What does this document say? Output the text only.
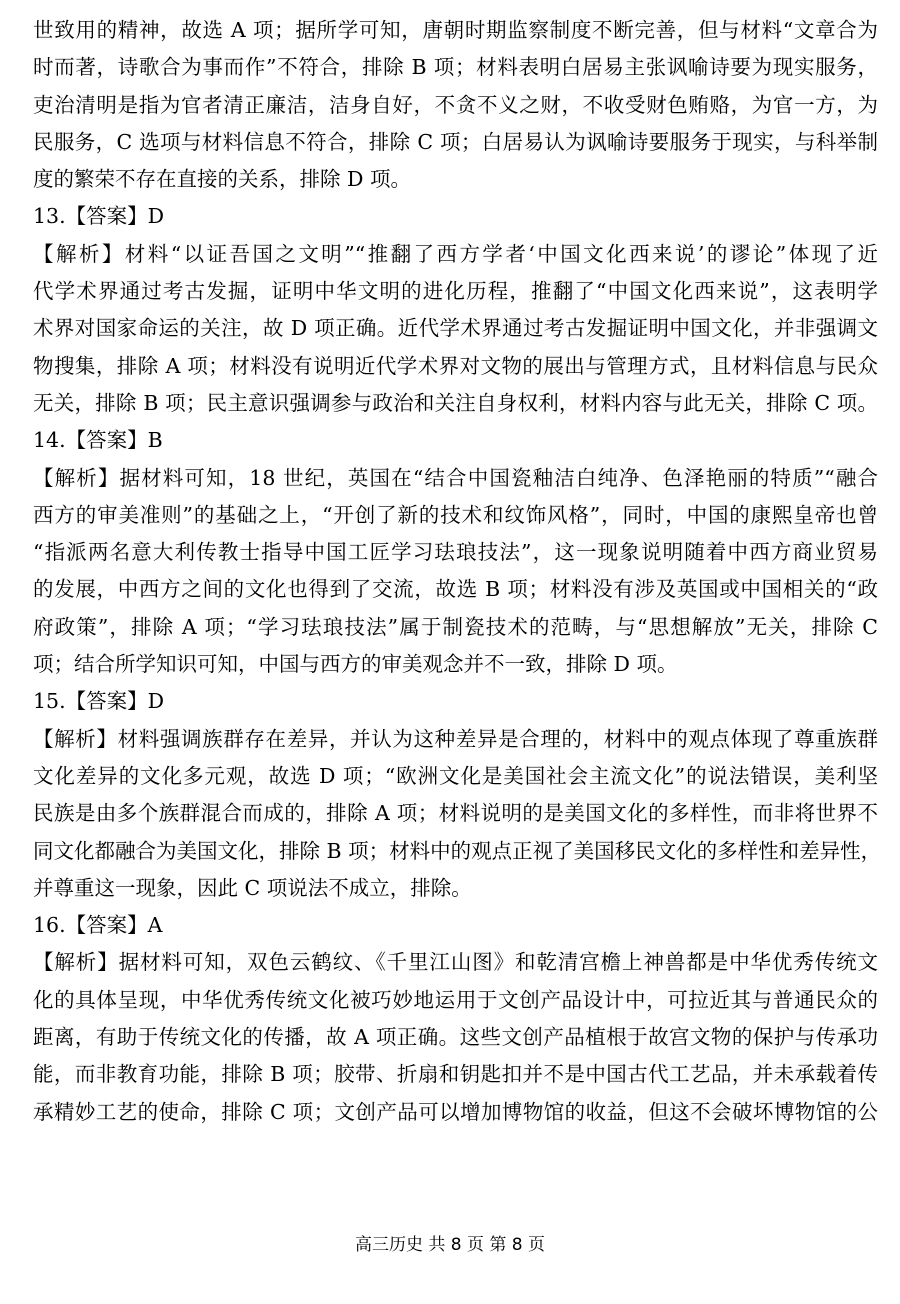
世致用的精神，故选 A 项；据所学可知，唐朝时期监察制度不断完善，但与材料“文章合为
时而著，诗歌合为事而作”不符合，排除 B 项；材料表明白居易主张讽喻诗要为现实服务，
吏治清明是指为官者清正廉洁，洁身自好，不贪不义之财，不收受财色贿赂，为官一方，为
民服务，C 选项与材料信息不符合，排除 C 项；白居易认为讽喻诗要服务于现实，与科举制
度的繁荣不存在直接的关系，排除 D 项。
13.【答案】D
【解析】材料“以证吾国之文明”“推翻了西方学者‘中国文化西来说’的谬论”体现了近
代学术界通过考古发掘，证明中华文明的进化历程，推翻了“中国文化西来说”，这表明学
术界对国家命运的关注，故 D 项正确。近代学术界通过考古发掘证明中国文化，并非强调文
物搜集，排除 A 项；材料没有说明近代学术界对文物的展出与管理方式，且材料信息与民众
无关，排除 B 项；民主意识强调参与政治和关注自身权利，材料内容与此无关，排除 C 项。
14.【答案】B
【解析】据材料可知，18 世纪，英国在“结合中国瓷釉洁白纯净、色泽艳丽的特质”“融合
西方的审美准则”的基础之上，“开创了新的技术和纹饰风格”，同时，中国的康熙皇帝也曾
“指派两名意大利传教士指导中国工匠学习珐琅技法”，这一现象说明随着中西方商业贸易
的发展，中西方之间的文化也得到了交流，故选 B 项；材料没有涉及英国或中国相关的“政
府政策”，排除 A 项；“学习珐琅技法”属于制瓷技术的范畴，与“思想解放”无关，排除 C
项；结合所学知识可知，中国与西方的审美观念并不一致，排除 D 项。
15.【答案】D
【解析】材料强调族群存在差异，并认为这种差异是合理的，材料中的观点体现了尊重族群
文化差异的文化多元观，故选 D 项；“欧洲文化是美国社会主流文化”的说法错误，美利坚
民族是由多个族群混合而成的，排除 A 项；材料说明的是美国文化的多样性，而非将世界不
同文化都融合为美国文化，排除 B 项；材料中的观点正视了美国移民文化的多样性和差异性，
并尊重这一现象，因此 C 项说法不成立，排除。
16.【答案】A
【解析】据材料可知，双色云鹤纹、《千里江山图》和乾清宫檐上神兽都是中华优秀传统文
化的具体呈现，中华优秀传统文化被巧妙地运用于文创产品设计中，可拉近其与普通民众的
距离，有助于传统文化的传播，故 A 项正确。这些文创产品植根于故宫文物的保护与传承功
能，而非教育功能，排除 B 项；胶带、折扇和钥匙扣并不是中国古代工艺品，并未承载着传
承精妙工艺的使命，排除 C 项；文创产品可以增加博物馆的收益，但这不会破坏博物馆的公
高三历史 共 8 页 第 8 页
